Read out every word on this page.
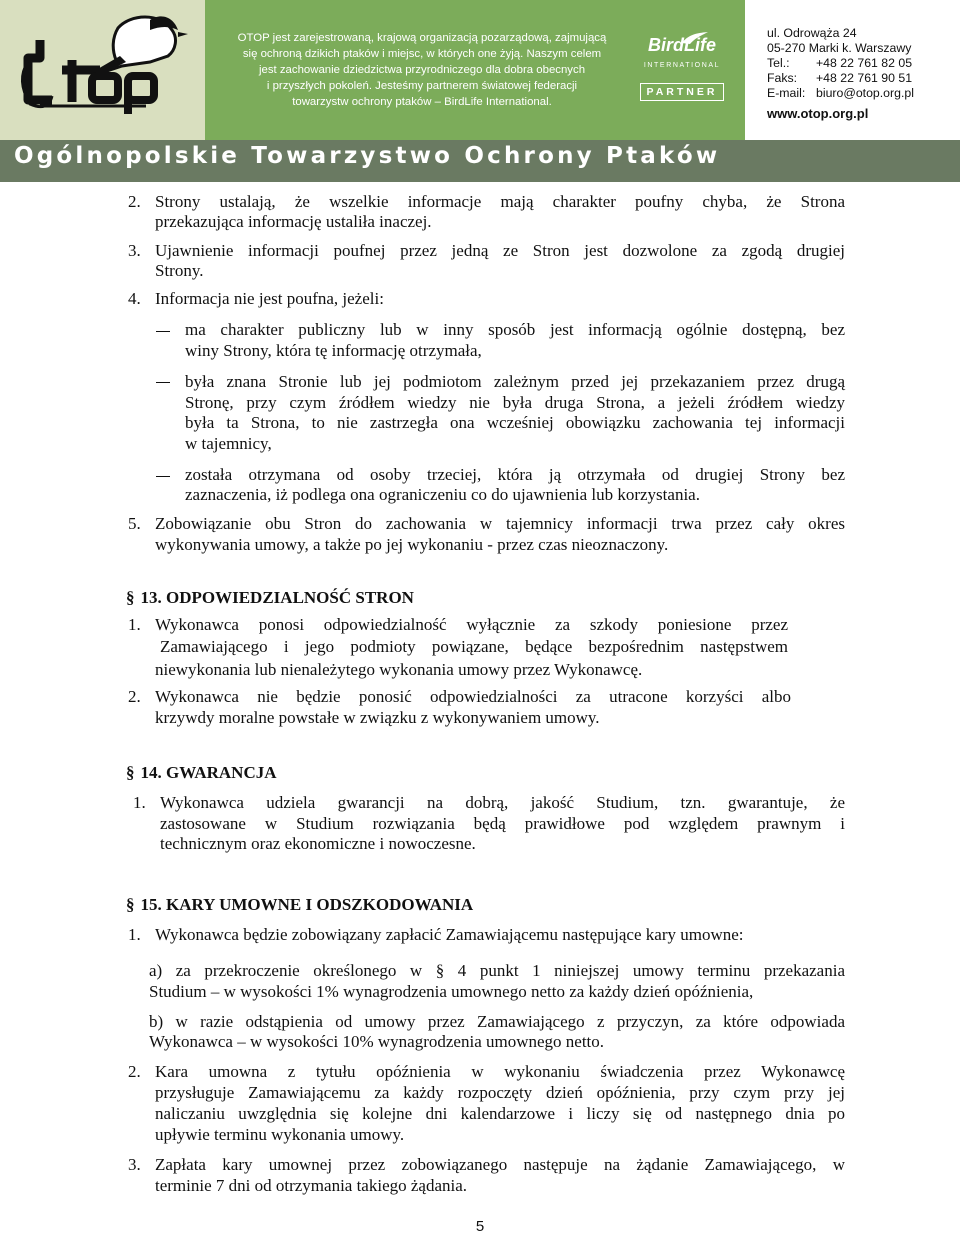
OTOP jest zarejestrowaną, krajową organizacją pozarządową, zajmującą
się ochroną dzikich ptaków i miejsc, w których one żyją. Naszym celem
jest zachowanie dziedzictwa przyrodniczego dla dobra obecnych
i przyszłych pokoleń. Jesteśmy partnerem światowej federacji
towarzystw ochrony ptaków – BirdLife International.
BirdLife
INTERNATIONAL
PARTNER
ul. Odrowąża 24
05-270 Marki k. Warszawy
Tel.: +48 22 761 82 05
Faks: +48 22 761 90 51
E-mail: biuro@otop.org.pl
www.otop.org.pl
Ogólnopolskie Towarzystwo Ochrony Ptaków
2. Strony ustalają, że wszelkie informacje mają charakter poufny chyba, że Strona
przekazująca informację ustaliła inaczej.
3. Ujawnienie informacji poufnej przez jedną ze Stron jest dozwolone za zgodą drugiej
Strony.
4. Informacja nie jest poufna, jeżeli:
ma charakter publiczny lub w inny sposób jest informacją ogólnie dostępną, bez
winy Strony, która tę informację otrzymała,
była znana Stronie lub jej podmiotom zależnym przed jej przekazaniem przez drugą
Stronę, przy czym źródłem wiedzy nie była druga Strona, a jeżeli źródłem wiedzy
była ta Strona, to nie zastrzegła ona wcześniej obowiązku zachowania tej informacji
w tajemnicy,
została otrzymana od osoby trzeciej, która ją otrzymała od drugiej Strony bez
zaznaczenia, iż podlega ona ograniczeniu co do ujawnienia lub korzystania.
5. Zobowiązanie obu Stron do zachowania w tajemnicy informacji trwa przez cały okres
wykonywania umowy, a także po jej wykonaniu - przez czas nieoznaczony.
§ 13. ODPOWIEDZIALNOŚĆ STRON
1. Wykonawca ponosi odpowiedzialność wyłącznie za szkody poniesione przez
Zamawiającego i jego podmioty powiązane, będące bezpośrednim następstwem
niewykonania lub nienależytego wykonania umowy przez Wykonawcę.
2. Wykonawca nie będzie ponosić odpowiedzialności za utracone korzyści albo
krzywdy moralne powstałe w związku z wykonywaniem umowy.
§ 14. GWARANCJA
1. Wykonawca udziela gwarancji na dobrą, jakość Studium, tzn. gwarantuje, że
zastosowane w Studium rozwiązania będą prawidłowe pod względem prawnym i
technicznym oraz ekonomiczne i nowoczesne.
§ 15. KARY UMOWNE I ODSZKODOWANIA
1. Wykonawca będzie zobowiązany zapłacić Zamawiającemu następujące kary umowne:
a) za przekroczenie określonego w § 4 punkt 1 niniejszej umowy terminu przekazania
Studium – w wysokości 1% wynagrodzenia umownego netto za każdy dzień opóźnienia,
b) w razie odstąpienia od umowy przez Zamawiającego z przyczyn, za które odpowiada
Wykonawca – w wysokości 10% wynagrodzenia umownego netto.
2. Kara umowna z tytułu opóźnienia w wykonaniu świadczenia przez Wykonawcę
przysługuje Zamawiającemu za każdy rozpoczęty dzień opóźnienia, przy czym przy jej
naliczaniu uwzględnia się kolejne dni kalendarzowe i liczy się od następnego dnia po
upływie terminu wykonania umowy.
3. Zapłata kary umownej przez zobowiązanego następuje na żądanie Zamawiającego, w
terminie 7 dni od otrzymania takiego żądania.
5
